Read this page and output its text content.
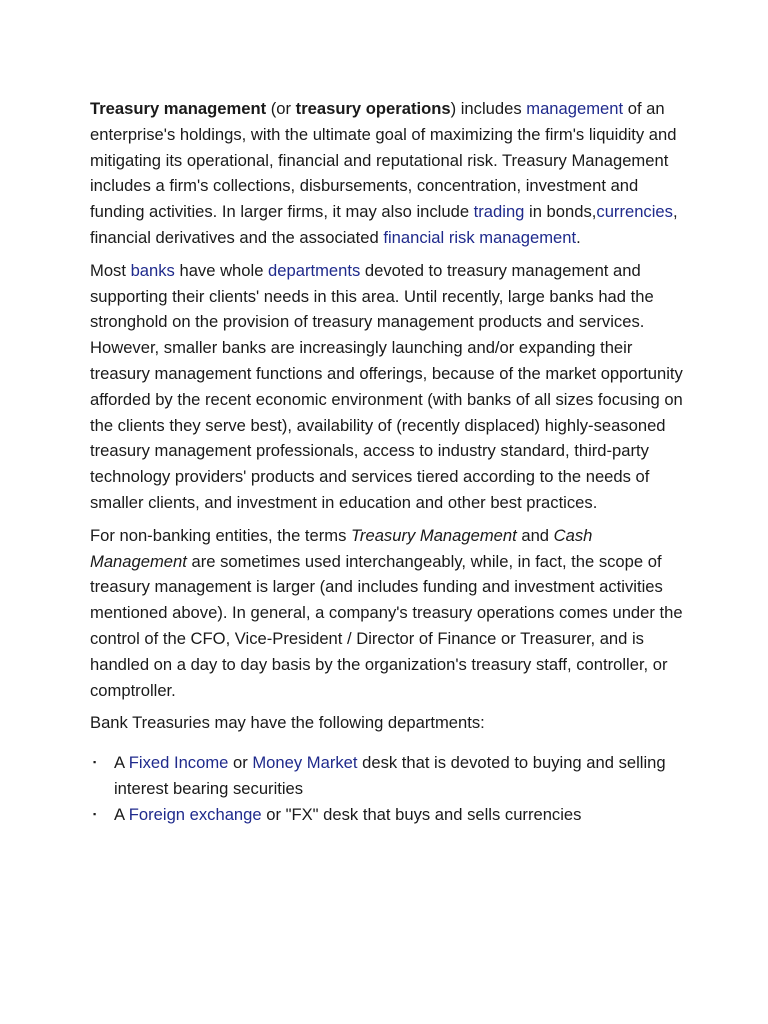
Treasury management (or treasury operations) includes management of an enterprise's holdings, with the ultimate goal of maximizing the firm's liquidity and mitigating its operational, financial and reputational risk. Treasury Management includes a firm's collections, disbursements, concentration, investment and funding activities. In larger firms, it may also include trading in bonds,currencies, financial derivatives and the associated financial risk management.

Most banks have whole departments devoted to treasury management and supporting their clients' needs in this area. Until recently, large banks had the stronghold on the provision of treasury management products and services. However, smaller banks are increasingly launching and/or expanding their treasury management functions and offerings, because of the market opportunity afforded by the recent economic environment (with banks of all sizes focusing on the clients they serve best), availability of (recently displaced) highly-seasoned treasury management professionals, access to industry standard, third-party technology providers' products and services tiered according to the needs of smaller clients, and investment in education and other best practices.

For non-banking entities, the terms Treasury Management and Cash Management are sometimes used interchangeably, while, in fact, the scope of treasury management is larger (and includes funding and investment activities mentioned above). In general, a company's treasury operations comes under the control of the CFO, Vice-President / Director of Finance or Treasurer, and is handled on a day to day basis by the organization's treasury staff, controller, or comptroller.

Bank Treasuries may have the following departments:

▪ A Fixed Income or Money Market desk that is devoted to buying and selling interest bearing securities
▪ A Foreign exchange or "FX" desk that buys and sells currencies
